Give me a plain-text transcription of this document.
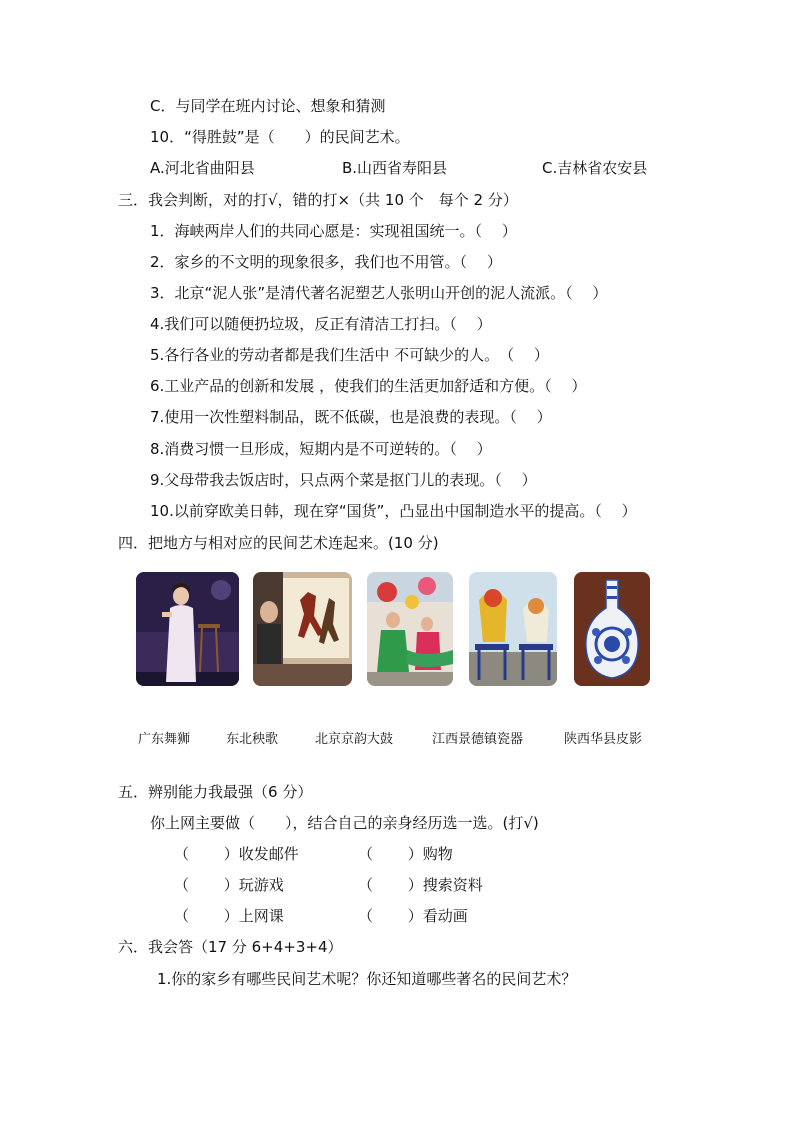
C．与同学在班内讨论、想象和猜测
10．“得胜鼓”是（　　）的民间艺术。
A.河北省曲阳县	B.山西省寿阳县	C.吉林省农安县
三．我会判断，对的打√，错的打×（共 10 个　每个 2 分）
1．海峡两岸人们的共同心愿是：实现祖国统一。（　 ）
2．家乡的不文明的现象很多，我们也不用管。（　 ）
3．北京“泥人张”是清代著名泥塑艺人张明山开创的泥人流派。（　 ）
4.我们可以随便扔垃圾，反正有清洁工打扫。（　 ）
5.各行各业的劳动者都是我们生活中 不可缺少的人。　（　 ）
6.工业产品的创新和发展 ，使我们的生活更加舒适和方便。（　 ）
7.使用一次性塑料制品，既不低碳，也是浪费的表现。（　 ）
8.消费习惯一旦形成，短期内是不可逆转的。（　 ）
9.父母带我去饭店时，只点两个菜是抠门儿的表现。（　 ）
10.以前穿欧美日韩，现在穿“国货”，凸显出中国制造水平的提高。（　 ）
四．把地方与相对应的民间艺术连起来。(10 分)
广东舞狮	东北秧歌	北京京韵大鼓	江西景德镇瓷器	陕西华县皮影
五．辨别能力我最强（6 分）
你上网主要做（　　），结合自己的亲身经历选一选。(打√)
（　　 ）收发邮件	（　　 ）购物
（　　 ）玩游戏	（　　 ）搜索资料
（　　 ）上网课	（　　 ）看动画
六．我会答（17 分 6+4+3+4）
1.你的家乡有哪些民间艺术呢？你还知道哪些著名的民间艺术？
